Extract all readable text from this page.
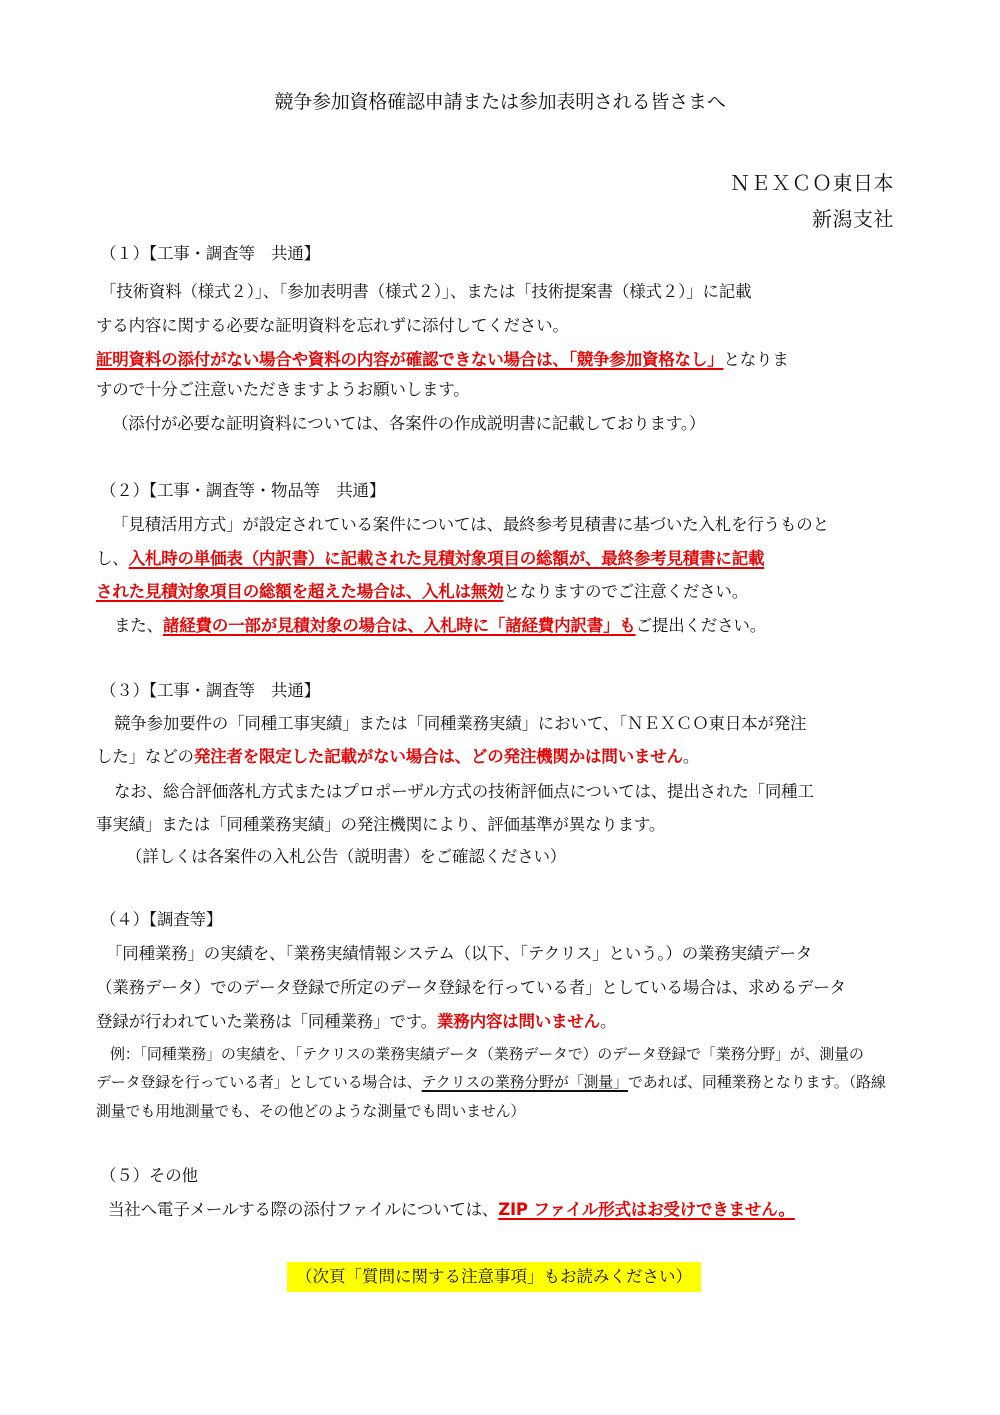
競争参加資格確認申請または参加表明される皆さまへ
ＮＥＸＣＯ東日本
新潟支社
（１）【工事・調査等　共通】
「技術資料（様式２）」、「参加表明書（様式２）」、または「技術提案書（様式２）」に記載
する内容に関する必要な証明資料を忘れずに添付してください。
証明資料の添付がない場合や資料の内容が確認できない場合は、「競争参加資格なし」となりま
すので十分ご注意いただきますようお願いします。
（添付が必要な証明資料については、各案件の作成説明書に記載しております。）
（２）【工事・調査等・物品等　共通】
「見積活用方式」が設定されている案件については、最終参考見積書に基づいた入札を行うものと
し、入札時の単価表（内訳書）に記載された見積対象項目の総額が、最終参考見積書に記載
された見積対象項目の総額を超えた場合は、入札は無効となりますのでご注意ください。
また、諸経費の一部が見積対象の場合は、入札時に「諸経費内訳書」もご提出ください。
（３）【工事・調査等　共通】
競争参加要件の「同種工事実績」または「同種業務実績」において、「ＮＥＸＣＯ東日本が発注
した」などの発注者を限定した記載がない場合は、どの発注機関かは問いません。
なお、総合評価落札方式またはプロポーザル方式の技術評価点については、提出された「同種工
事実績」または「同種業務実績」の発注機関により、評価基準が異なります。
（詳しくは各案件の入札公告（説明書）をご確認ください）
（４）【調査等】
「同種業務」の実績を、「業務実績情報システム（以下、「テクリス」という。）の業務実績データ
（業務データ）でのデータ登録で所定のデータ登録を行っている者」としている場合は、求めるデータ
登録が行われていた業務は「同種業務」です。業務内容は問いません。
例：「同種業務」の実績を、「テクリスの業務実績データ（業務データで）のデータ登録で「業務分野」が、測量の
データ登録を行っている者」としている場合は、テクリスの業務分野が「測量」であれば、同種業務となります。（路線
測量でも用地測量でも、その他どのような測量でも問いません）
（５）その他
当社へ電子メールする際の添付ファイルについては、ZIP ファイル形式はお受けできません。
（次頁「質問に関する注意事項」もお読みください）
